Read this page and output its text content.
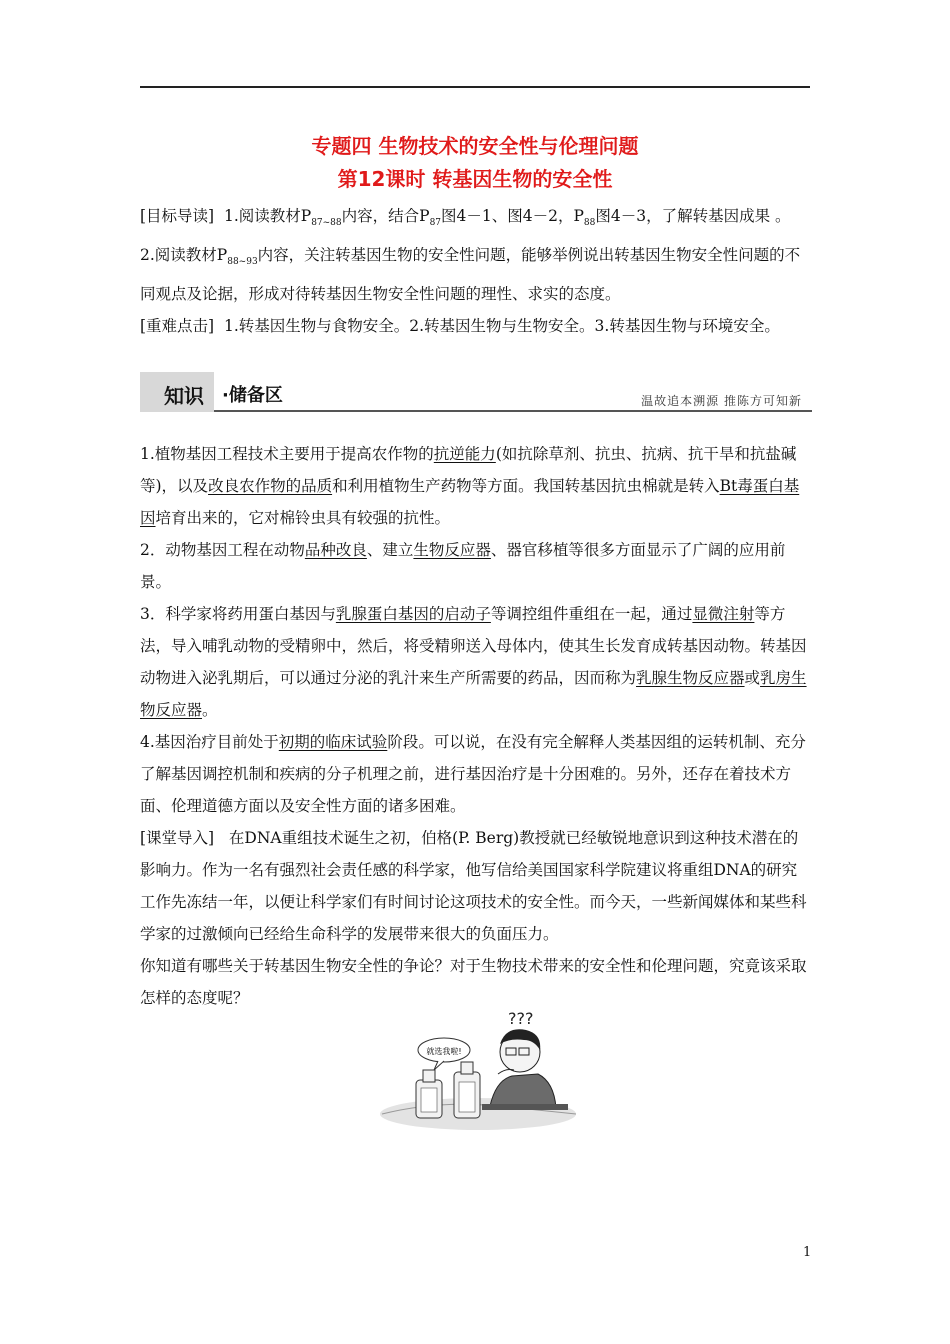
专题四 生物技术的安全性与伦理问题
第12课时 转基因生物的安全性

[目标导读] 1.阅读教材$P_{87\sim 88}$内容，结合$P_{87}$图4－1、图4－2，$P_{88}$图4－3，了解转基因成果 。

2.阅读教材$P_{88\sim 93}$内容，关注转基因生物的安全性问题，能够举例说出转基因生物安全性问题的不同观点及论据，形成对待转基因生物安全性问题的理性、求实的态度。

[重难点击] 1.转基因生物与食物安全。2.转基因生物与生物安全。3.转基因生物与环境安全。

知识 ·储备区	温故追本溯源 推陈方可知新

1.植物基因工程技术主要用于提高农作物的抗逆能力(如抗除草剂、抗虫、抗病、抗干旱和抗盐碱等)，以及改良农作物的品质和利用植物生产药物等方面。我国转基因抗虫棉就是转入Bt毒蛋白基因培育出来的，它对棉铃虫具有较强的抗性。

2．动物基因工程在动物品种改良、建立生物反应器、器官移植等很多方面显示了广阔的应用前景。

3．科学家将药用蛋白基因与乳腺蛋白基因的启动子等调控组件重组在一起，通过显微注射等方法，导入哺乳动物的受精卵中，然后，将受精卵送入母体内，使其生长发育成转基因动物。转基因动物进入泌乳期后，可以通过分泌的乳汁来生产所需要的药品，因而称为乳腺生物反应器或乳房生物反应器。

4.基因治疗目前处于初期的临床试验阶段。可以说，在没有完全解释人类基因组的运转机制、充分了解基因调控机制和疾病的分子机理之前，进行基因治疗是十分困难的。另外，还存在着技术方面、伦理道德方面以及安全性方面的诸多困难。

[课堂导入] 在DNA重组技术诞生之初，伯格(P. Berg)教授就已经敏锐地意识到这种技术潜在的影响力。作为一名有强烈社会责任感的科学家，他写信给美国国家科学院建议将重组DNA的研究工作先冻结一年，以便让科学家们有时间讨论这项技术的安全性。而今天，一些新闻媒体和某些科学家的过激倾向已经给生命科学的发展带来很大的负面压力。

你知道有哪些关于转基因生物安全性的争论？对于生物技术带来的安全性和伦理问题，究竟该采取怎样的态度呢？

就选我啦!
???
1
